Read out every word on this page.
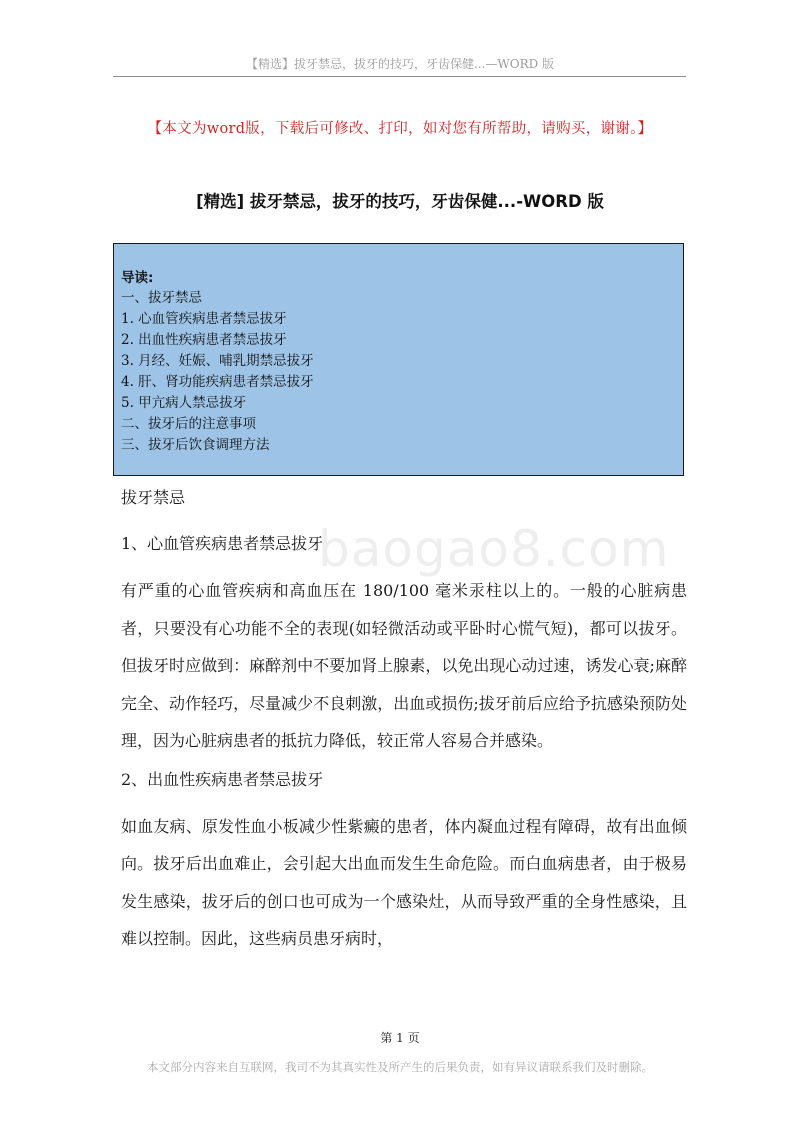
【精选】拔牙禁忌，拔牙的技巧，牙齿保健...—WORD 版
【本文为word版，下载后可修改、打印，如对您有所帮助，请购买，谢谢。】
[精选] 拔牙禁忌，拔牙的技巧，牙齿保健...-WORD 版
导读:
一、拔牙禁忌
1. 心血管疾病患者禁忌拔牙
2. 出血性疾病患者禁忌拔牙
3. 月经、妊娠、哺乳期禁忌拔牙
4. 肝、肾功能疾病患者禁忌拔牙
5. 甲亢病人禁忌拔牙
二、拔牙后的注意事项
三、拔牙后饮食调理方法
baogao8.com
拔牙禁忌
1、心血管疾病患者禁忌拔牙

有严重的心血管疾病和高血压在 180/100 毫米汞柱以上的。一般的心脏病患者，只要没有心功能不全的表现(如轻微活动或平卧时心慌气短)，都可以拔牙。但拔牙时应做到：麻醉剂中不要加肾上腺素，以免出现心动过速，诱发心衰;麻醉完全、动作轻巧，尽量减少不良刺激，出血或损伤;拔牙前后应给予抗感染预防处理，因为心脏病患者的抵抗力降低，较正常人容易合并感染。

2、出血性疾病患者禁忌拔牙

如血友病、原发性血小板减少性紫癜的患者，体内凝血过程有障碍，故有出血倾向。拔牙后出血难止，会引起大出血而发生生命危险。而白血病患者，由于极易发生感染，拔牙后的创口也可成为一个感染灶，从而导致严重的全身性感染，且难以控制。因此，这些病员患牙病时，

第 1 页
本文部分内容来自互联网，我司不为其真实性及所产生的后果负责，如有异议请联系我们及时删除。
